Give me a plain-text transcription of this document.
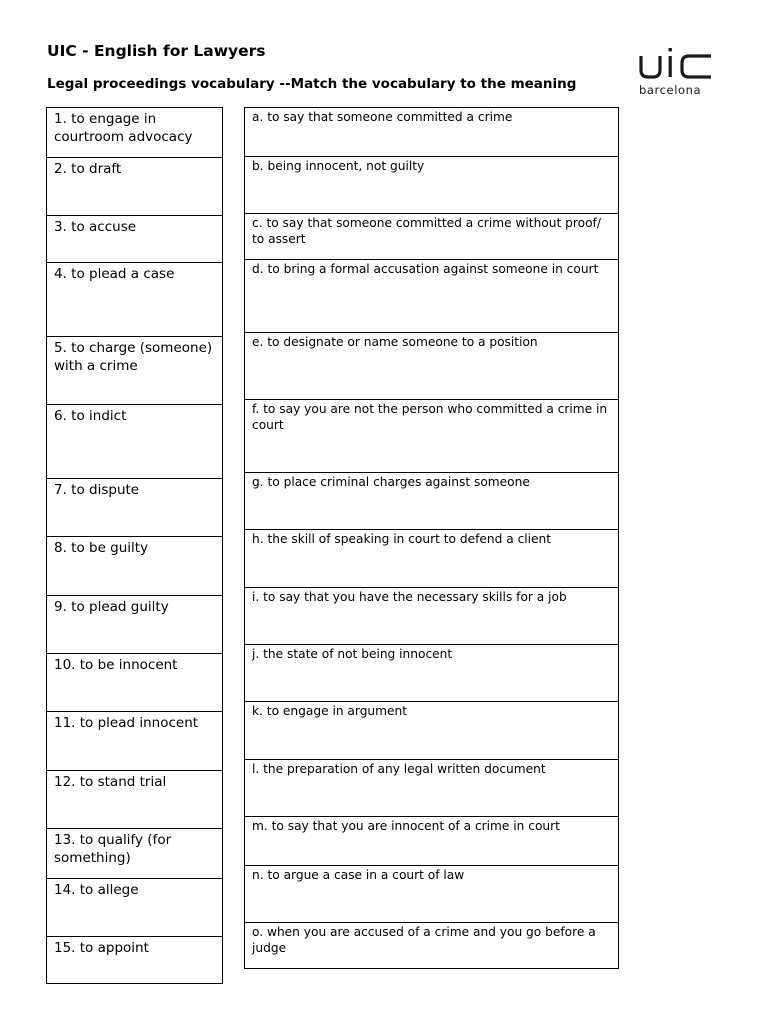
UIC - English for Lawyers
Legal proceedings vocabulary --Match the vocabulary to the meaning	barcelona
1. to engage in courtroom advocacy
2. to draft
3. to accuse
4. to plead a case
5. to charge (someone) with a crime
6. to indict
7. to dispute
8. to be guilty
9. to plead guilty
10. to be innocent
11. to plead innocent
12. to stand trial
13. to qualify (for something)
14. to allege
15. to appoint
a. to say that someone committed a crime
b. being innocent, not guilty
c. to say that someone committed a crime without proof/ to assert
d. to bring a formal accusation against someone in court
e. to designate or name someone to a position
f. to say you are not the person who committed a crime in court
g. to place criminal charges against someone
h. the skill of speaking in court to defend a client
i. to say that you have the necessary skills for a job
j. the state of not being innocent
k. to engage in argument
l. the preparation of any legal written document
m. to say that you are innocent of a crime in court
n. to argue a case in a court of law
o. when you are accused of a crime and you go before a judge
